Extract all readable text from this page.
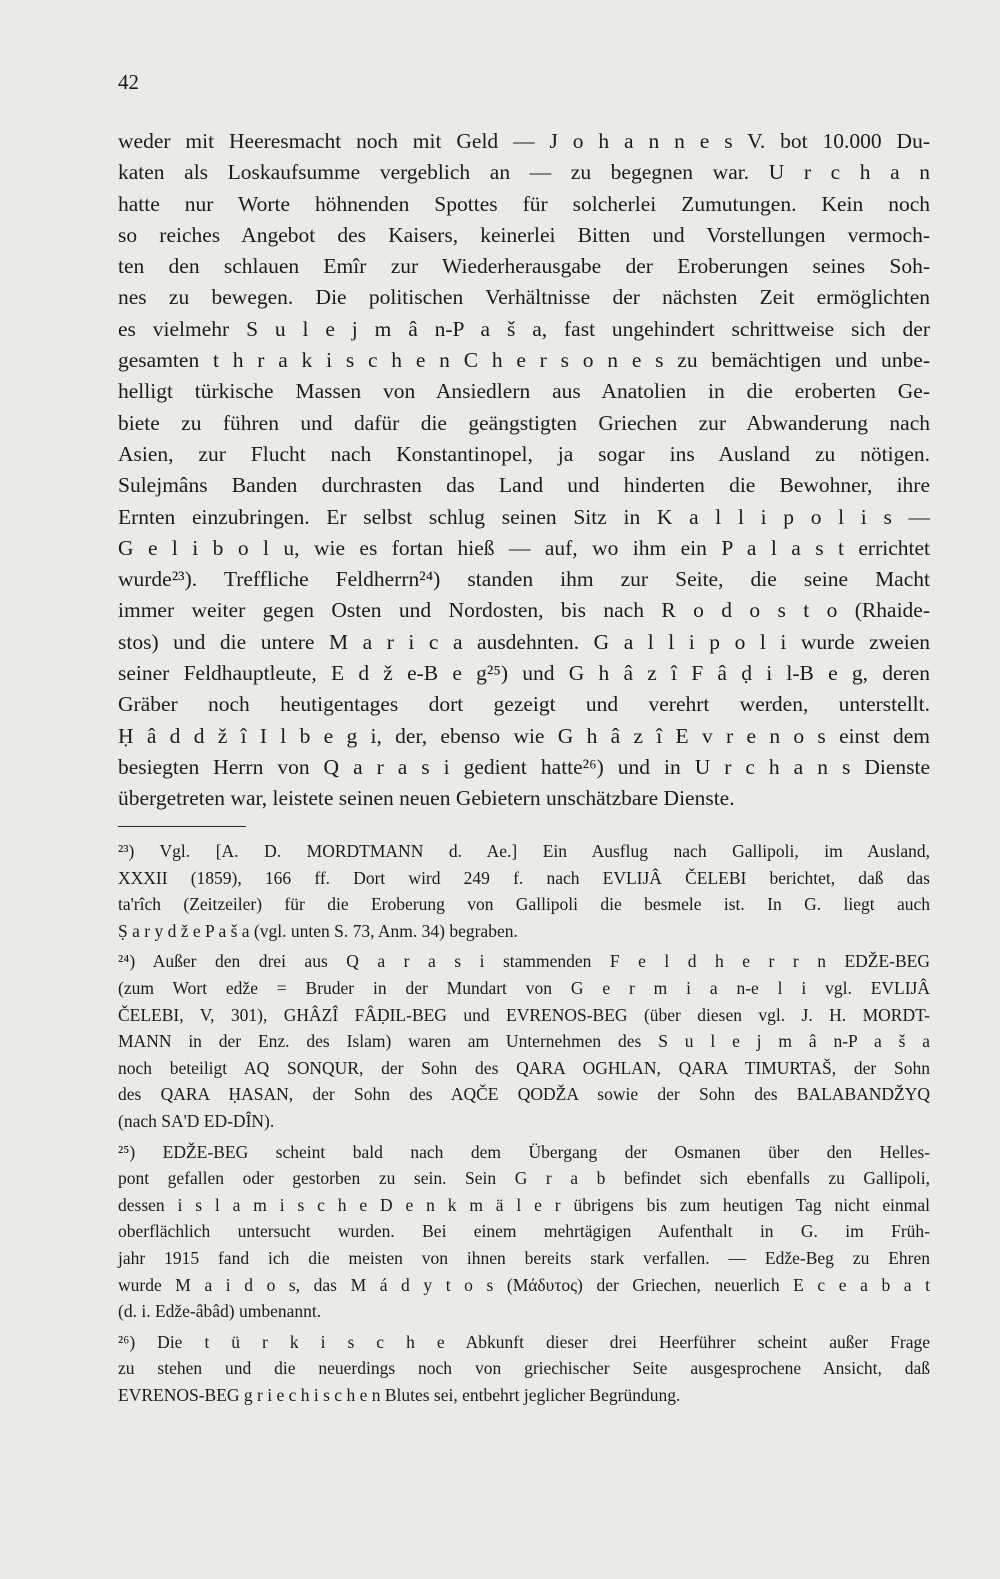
42
weder mit Heeresmacht noch mit Geld — J o h a n n e s V. bot 10.000 Du-
katen als Loskaufsumme vergeblich an — zu begegnen war. U r c h a n
hatte nur Worte höhnenden Spottes für solcherlei Zumutungen. Kein noch
so reiches Angebot des Kaisers, keinerlei Bitten und Vorstellungen vermoch-
ten den schlauen Emîr zur Wiederherausgabe der Eroberungen seines Soh-
nes zu bewegen. Die politischen Verhältnisse der nächsten Zeit ermöglichten
es vielmehr S u l e j m â n-P a š a, fast ungehindert schrittweise sich der
gesamten t h r a k i s c h e n C h e r s o n e s zu bemächtigen und unbe-
helligt türkische Massen von Ansiedlern aus Anatolien in die eroberten Ge-
biete zu führen und dafür die geängstigten Griechen zur Abwanderung nach
Asien, zur Flucht nach Konstantinopel, ja sogar ins Ausland zu nötigen.
Sulejmâns Banden durchrasten das Land und hinderten die Bewohner, ihre
Ernten einzubringen. Er selbst schlug seinen Sitz in K a l l i p o l i s —
G e l i b o l u, wie es fortan hieß — auf, wo ihm ein P a l a s t errichtet
wurde²³). Treffliche Feldherrn²⁴) standen ihm zur Seite, die seine Macht
immer weiter gegen Osten und Nordosten, bis nach R o d o s t o (Rhaide-
stos) und die untere M a r i c a ausdehnten. G a l l i p o l i wurde zweien
seiner Feldhauptleute, E d ž e-B e g²⁵) und G h â z î F â ḍ i l-B e g, deren
Gräber noch heutigentages dort gezeigt und verehrt werden, unterstellt.
Ḥ â d d ž î I l b e g i, der, ebenso wie G h â z î E v r e n o s einst dem
besiegten Herrn von Q a r a s i gedient hatte²⁶) und in U r c h a n s Dienste
übergetreten war, leistete seinen neuen Gebietern unschätzbare Dienste.
²³) Vgl. [A. D. MORDTMANN d. Ae.] Ein Ausflug nach Gallipoli, im Ausland,
XXXII (1859), 166 ff. Dort wird 249 f. nach EVLIJÂ ČELEBI berichtet, daß das
ta'rîch (Zeitzeiler) für die Eroberung von Gallipoli die besmele ist. In G. liegt auch
Ṣ a r y d ž e P a š a (vgl. unten S. 73, Anm. 34) begraben.
²⁴) Außer den drei aus Q a r a s i stammenden F e l d h e r r n EDŽE-BEG
(zum Wort edže = Bruder in der Mundart von G e r m i a n-e l i vgl. EVLIJÂ
ČELEBI, V, 301), GHÂZÎ FÂḌIL-BEG und EVRENOS-BEG (über diesen vgl. J. H. MORDT-
MANN in der Enz. des Islam) waren am Unternehmen des S u l e j m â n-P a š a
noch beteiligt AQ SONQUR, der Sohn des QARA OGHLAN, QARA TIMURTAŠ, der Sohn
des QARA ḤASAN, der Sohn des AQČE QODŽA sowie der Sohn des BALABANDŽYQ
(nach SA'D ED-DÎN).
²⁵) EDŽE-BEG scheint bald nach dem Übergang der Osmanen über den Helles-
pont gefallen oder gestorben zu sein. Sein G r a b befindet sich ebenfalls zu Gallipoli,
dessen i s l a m i s c h e D e n k m ä l e r übrigens bis zum heutigen Tag nicht einmal
oberflächlich untersucht wurden. Bei einem mehrtägigen Aufenthalt in G. im Früh-
jahr 1915 fand ich die meisten von ihnen bereits stark verfallen. — Edže-Beg zu Ehren
wurde M a i d o s, das M á d y t o s (Μάδυτος) der Griechen, neuerlich E c e a b a t
(d. i. Edže-âbâd) umbenannt.
²⁶) Die t ü r k i s c h e Abkunft dieser drei Heerführer scheint außer Frage
zu stehen und die neuerdings noch von griechischer Seite ausgesprochene Ansicht, daß
EVRENOS-BEG g r i e c h i s c h e n Blutes sei, entbehrt jeglicher Begründung.
